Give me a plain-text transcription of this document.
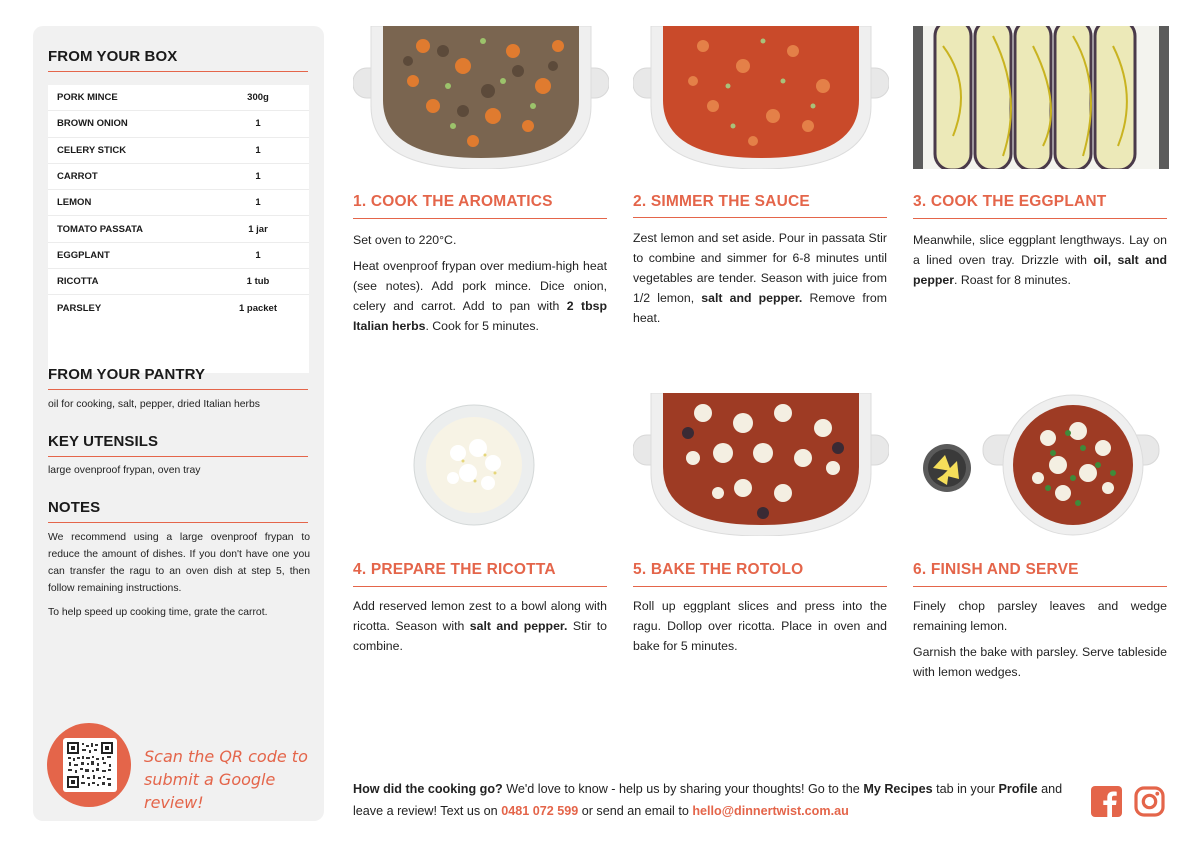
FROM YOUR BOX
PORK MINCE	300g
BROWN ONION	1
CELERY STICK	1
CARROT	1
LEMON	1
TOMATO PASSATA	1 jar
EGGPLANT	1
RICOTTA	1 tub
PARSLEY	1 packet
FROM YOUR PANTRY
oil for cooking, salt, pepper, dried Italian herbs
KEY UTENSILS
large ovenproof frypan, oven tray
NOTES
We recommend using a large ovenproof frypan to reduce the amount of dishes. If you don't have one you can transfer the ragu to an oven dish at step 5, then follow remaining instructions.
To help speed up cooking time, grate the carrot.
Scan the QR code to
submit a Google review!
1. COOK THE AROMATICS

Set oven to 220°C.

Heat ovenproof frypan over medium-high heat (see notes). Add pork mince. Dice onion, celery and carrot. Add to pan with 2 tbsp Italian herbs. Cook for 5 minutes.

2. SIMMER THE SAUCE

Zest lemon and set aside. Pour in passata Stir to combine and simmer for 6-8 minutes until vegetables are tender. Season with juice from 1/2 lemon, salt and pepper. Remove from heat.

3. COOK THE EGGPLANT

Meanwhile, slice eggplant lengthways. Lay on a lined oven tray. Drizzle with oil, salt and pepper. Roast for 8 minutes.

4. PREPARE THE RICOTTA

Add reserved lemon zest to a bowl along with ricotta. Season with salt and pepper. Stir to combine.

5. BAKE THE ROTOLO

Roll up eggplant slices and press into the ragu. Dollop over ricotta. Place in oven and bake for 5 minutes.

6. FINISH AND SERVE

Finely chop parsley leaves and wedge remaining lemon.

Garnish the bake with parsley. Serve tableside with lemon wedges.

How did the cooking go? We'd love to know - help us by sharing your thoughts! Go to the My Recipes tab in your Profile and leave a review! Text us on 0481 072 599 or send an email to hello@dinnertwist.com.au
